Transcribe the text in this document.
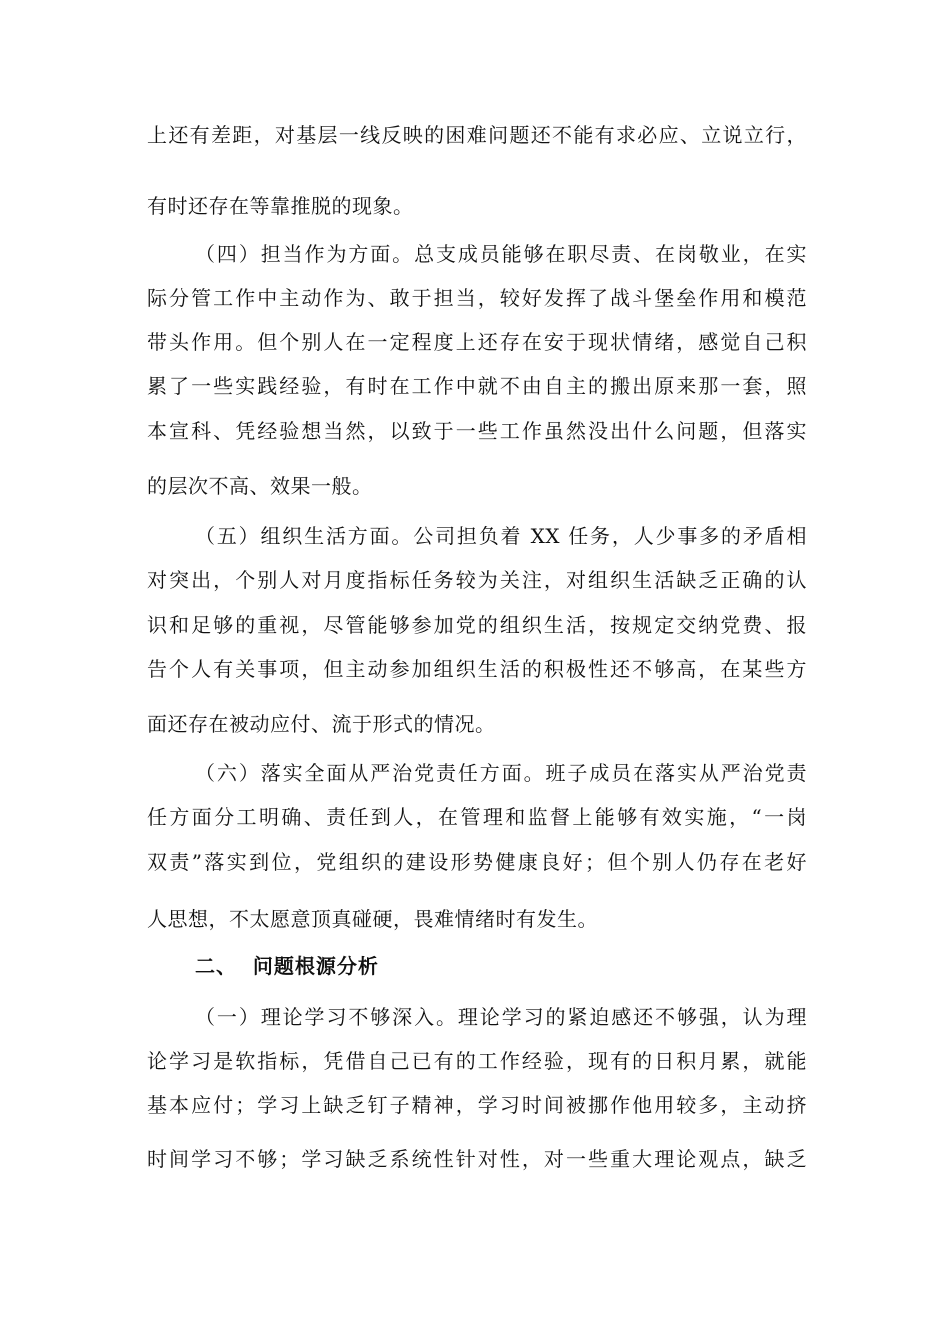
上还有差距，对基层一线反映的困难问题还不能有求必应、立说立行，
有时还存在等靠推脱的现象。
（四）担当作为方面。总支成员能够在职尽责、在岗敬业，在实
际分管工作中主动作为、敢于担当，较好发挥了战斗堡垒作用和模范
带头作用。但个别人在一定程度上还存在安于现状情绪，感觉自己积
累了一些实践经验，有时在工作中就不由自主的搬出原来那一套，照
本宣科、凭经验想当然，以致于一些工作虽然没出什么问题，但落实
的层次不高、效果一般。
（五）组织生活方面。公司担负着 XX 任务，人少事多的矛盾相
对突出，个别人对月度指标任务较为关注，对组织生活缺乏正确的认
识和足够的重视，尽管能够参加党的组织生活，按规定交纳党费、报
告个人有关事项，但主动参加组织生活的积极性还不够高，在某些方
面还存在被动应付、流于形式的情况。
（六）落实全面从严治党责任方面。班子成员在落实从严治党责
任方面分工明确、责任到人，在管理和监督上能够有效实施，“一岗
双责”落实到位，党组织的建设形势健康良好；但个别人仍存在老好
人思想，不太愿意顶真碰硬，畏难情绪时有发生。
二、  问题根源分析
（一）理论学习不够深入。理论学习的紧迫感还不够强，认为理
论学习是软指标，凭借自己已有的工作经验，现有的日积月累，就能
基本应付；学习上缺乏钉子精神，学习时间被挪作他用较多，主动挤
时间学习不够；学习缺乏系统性针对性，对一些重大理论观点，缺乏
